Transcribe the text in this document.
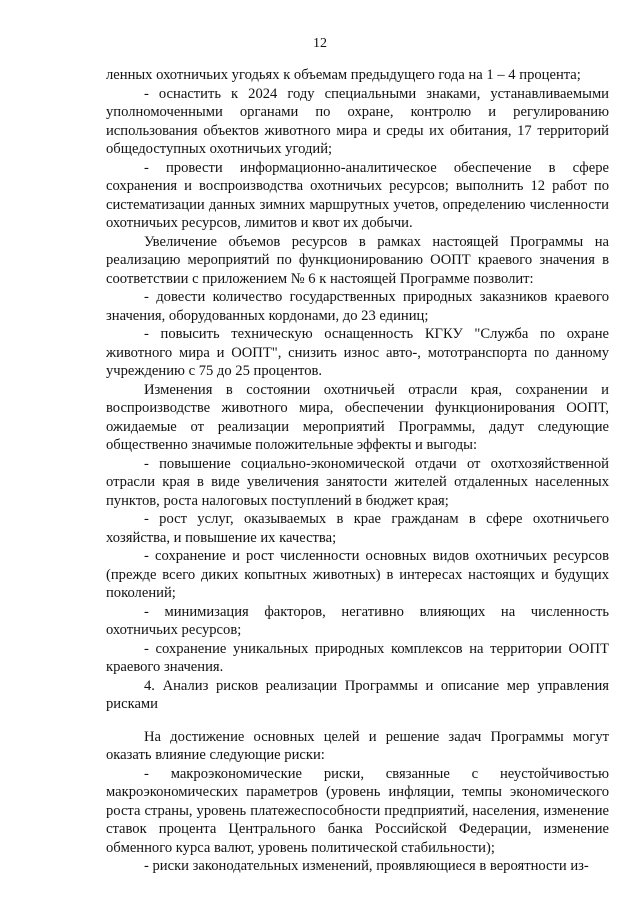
12

ленных охотничьих угодьях к объемам предыдущего года на 1 – 4 процента;

- оснастить к 2024 году специальными знаками, устанавливаемыми уполномоченными органами по охране, контролю и регулированию использования объектов животного мира и среды их обитания, 17 территорий общедоступных охотничьих угодий;

- провести информационно-аналитическое обеспечение в сфере сохранения и воспроизводства охотничьих ресурсов; выполнить 12 работ по систематизации данных зимних маршрутных учетов, определению численности охотничьих ресурсов, лимитов и квот их добычи.

Увеличение объемов ресурсов в рамках настоящей Программы на реализацию мероприятий по функционированию ООПТ краевого значения в соответствии с приложением № 6 к настоящей Программе позволит:

- довести количество государственных природных заказников краевого значения, оборудованных кордонами, до 23 единиц;

- повысить техническую оснащенность КГКУ "Служба по охране животного мира и ООПТ", снизить износ авто-, мототранспорта по данному учреждению с 75 до 25 процентов.

Изменения в состоянии охотничьей отрасли края, сохранении и воспроизводстве животного мира, обеспечении функционирования ООПТ, ожидаемые от реализации мероприятий Программы, дадут следующие общественно значимые положительные эффекты и выгоды:

- повышение социально-экономической отдачи от охотхозяйственной отрасли края в виде увеличения занятости жителей отдаленных населенных пунктов, роста налоговых поступлений в бюджет края;

- рост услуг, оказываемых в крае гражданам в сфере охотничьего хозяйства, и повышение их качества;

- сохранение и рост численности основных видов охотничьих ресурсов (прежде всего диких копытных животных) в интересах настоящих и будущих поколений;

- минимизация факторов, негативно влияющих на численность охотничьих ресурсов;

- сохранение уникальных природных комплексов на территории ООПТ краевого значения.

4. Анализ рисков реализации Программы и описание мер управления рисками

На достижение основных целей и решение задач Программы могут оказать влияние следующие риски:

- макроэкономические риски, связанные с неустойчивостью макроэкономических параметров (уровень инфляции, темпы экономического роста страны, уровень платежеспособности предприятий, населения, изменение ставок процента Центрального банка Российской Федерации, изменение обменного курса валют, уровень политической стабильности);

- риски законодательных изменений, проявляющиеся в вероятности из-
